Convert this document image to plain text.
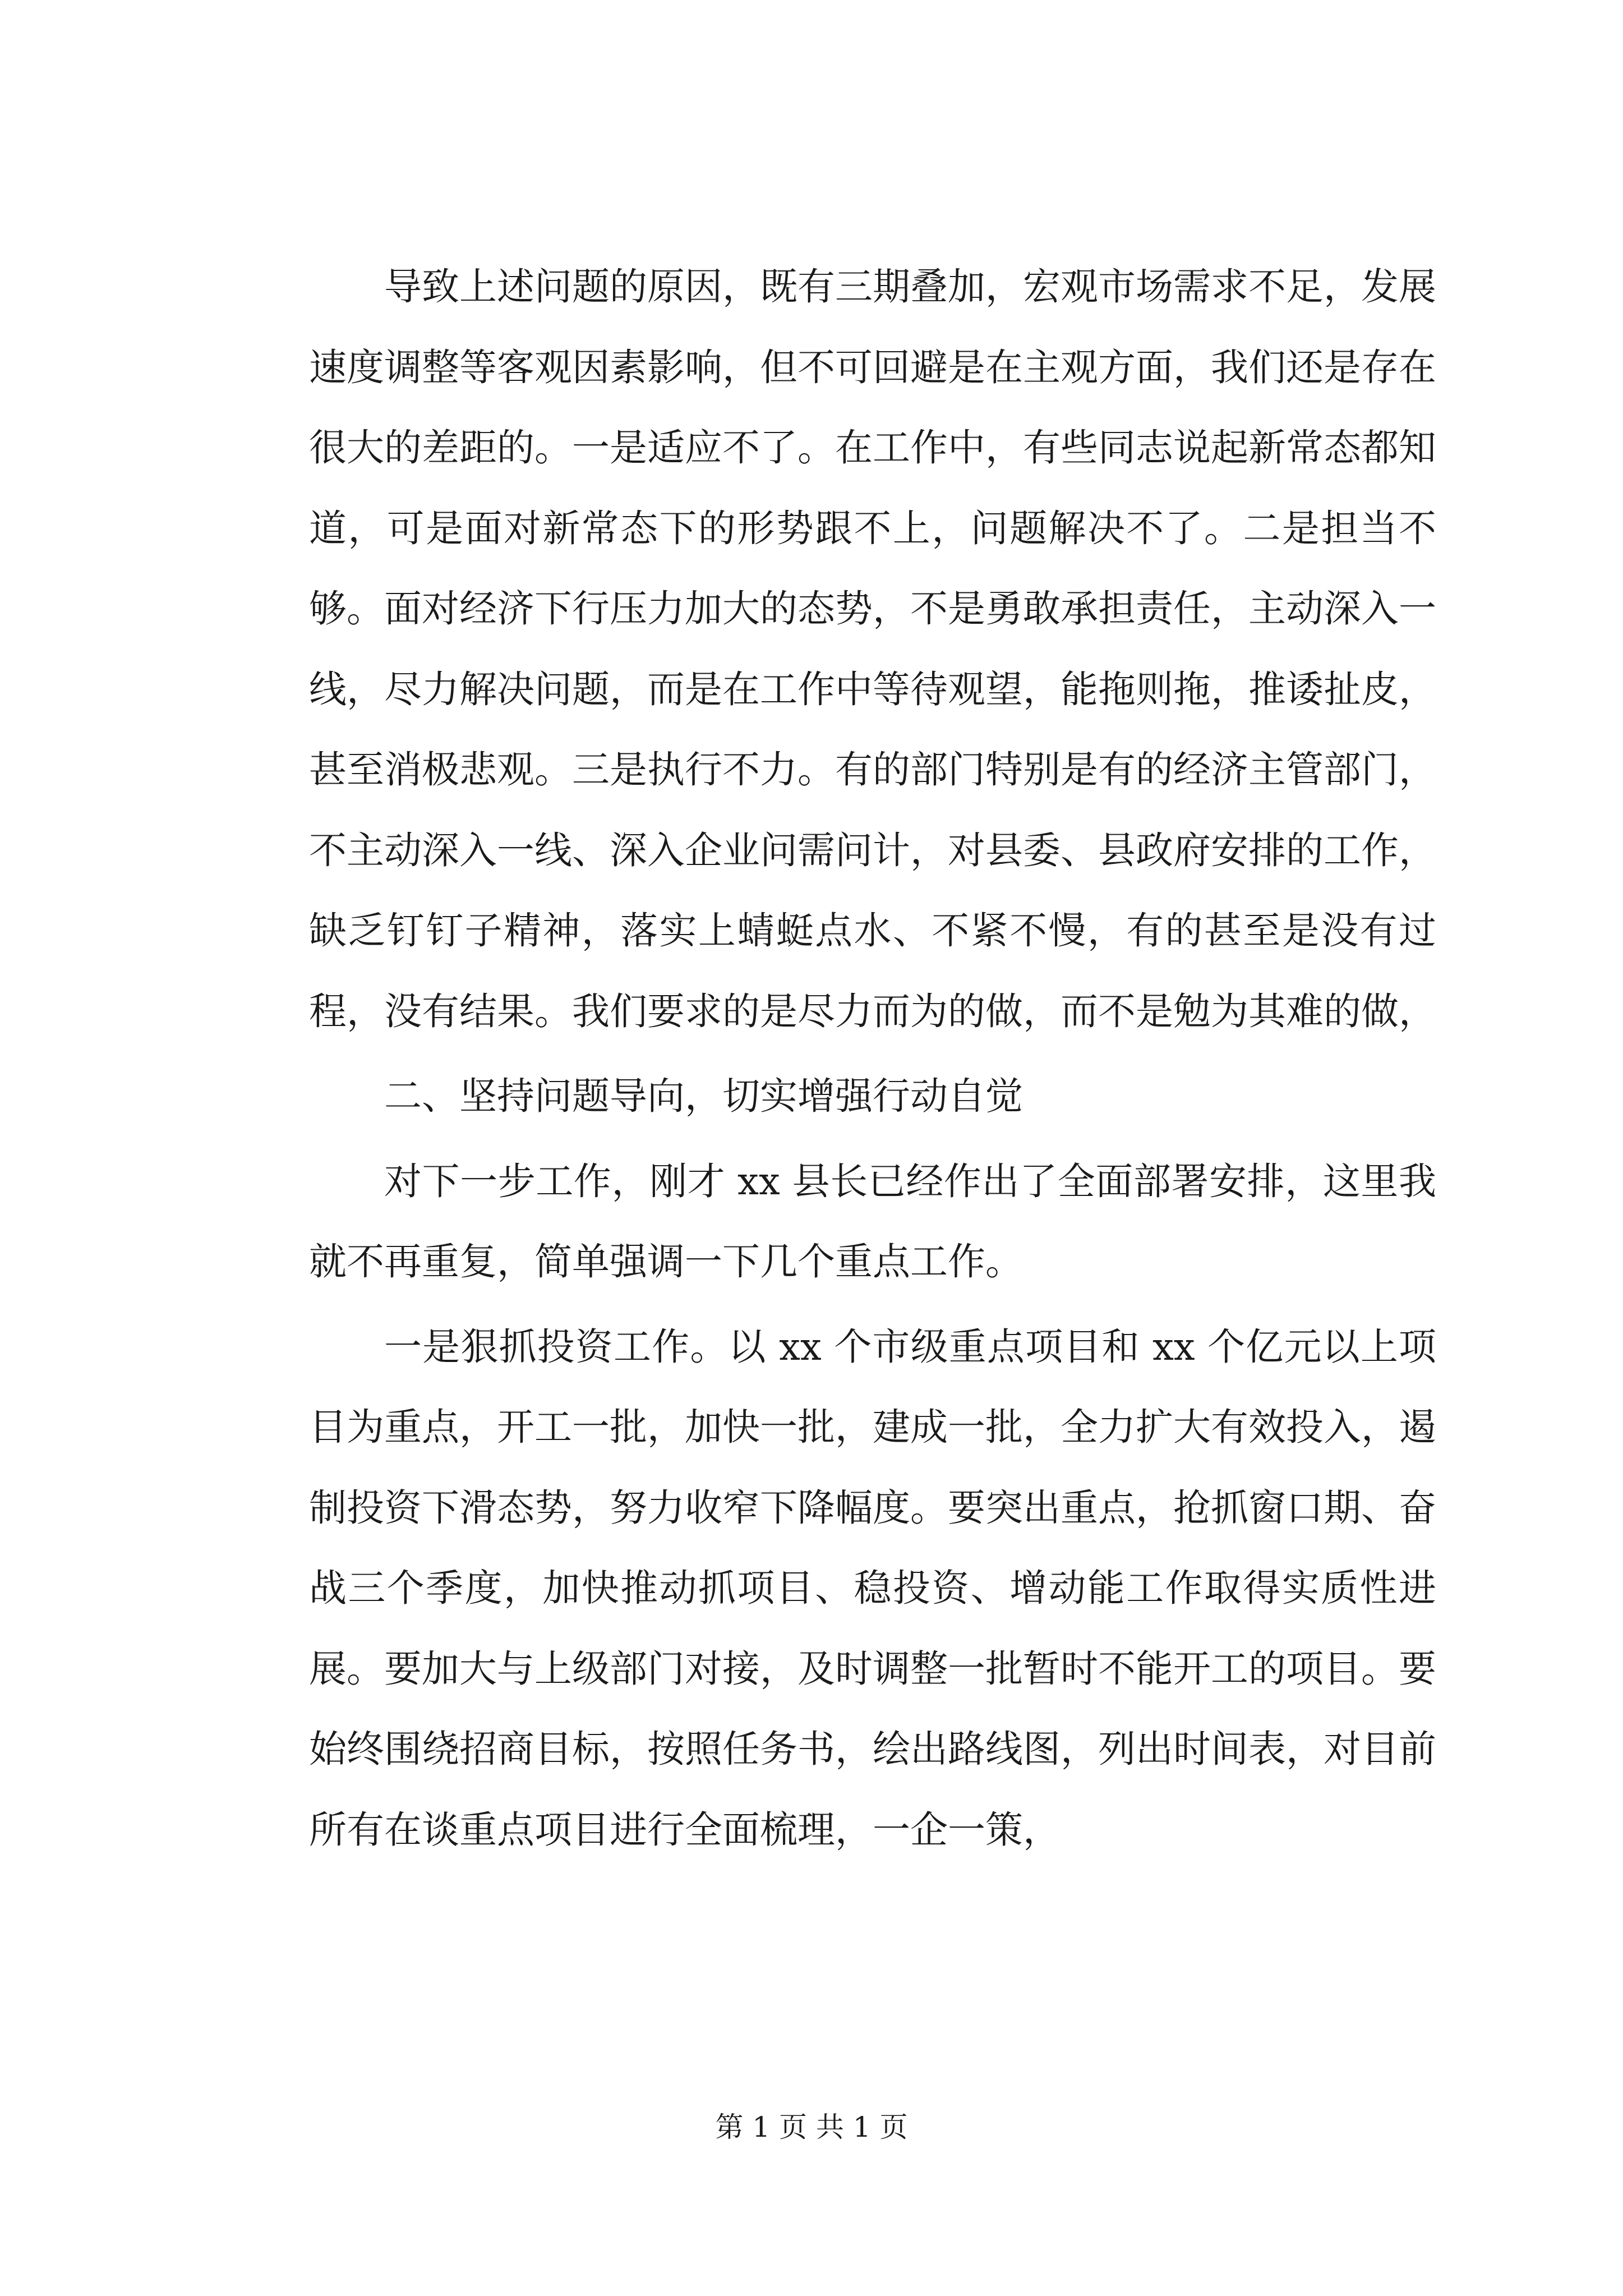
导致上述问题的原因，既有三期叠加，宏观市场需求不足，发展速度调整等客观因素影响，但不可回避是在主观方面，我们还是存在很大的差距的。一是适应不了。在工作中，有些同志说起新常态都知道，可是面对新常态下的形势跟不上，问题解决不了。二是担当不够。面对经济下行压力加大的态势，不是勇敢承担责任，主动深入一线，尽力解决问题，而是在工作中等待观望，能拖则拖，推诿扯皮，甚至消极悲观。三是执行不力。有的部门特别是有的经济主管部门，不主动深入一线、深入企业问需问计，对县委、县政府安排的工作，缺乏钉钉子精神，落实上蜻蜓点水、不紧不慢，有的甚至是没有过程，没有结果。我们要求的是尽力而为的做，而不是勉为其难的做，

二、坚持问题导向，切实增强行动自觉

对下一步工作，刚才 xx 县长已经作出了全面部署安排，这里我就不再重复，简单强调一下几个重点工作。

一是狠抓投资工作。以 xx 个市级重点项目和 xx 个亿元以上项目为重点，开工一批，加快一批，建成一批，全力扩大有效投入，遏制投资下滑态势，努力收窄下降幅度。要突出重点，抢抓窗口期、奋战三个季度，加快推动抓项目、稳投资、增动能工作取得实质性进展。要加大与上级部门对接，及时调整一批暂时不能开工的项目。要始终围绕招商目标，按照任务书，绘出路线图，列出时间表，对目前所有在谈重点项目进行全面梳理，一企一策，

第 1 页 共 1 页
